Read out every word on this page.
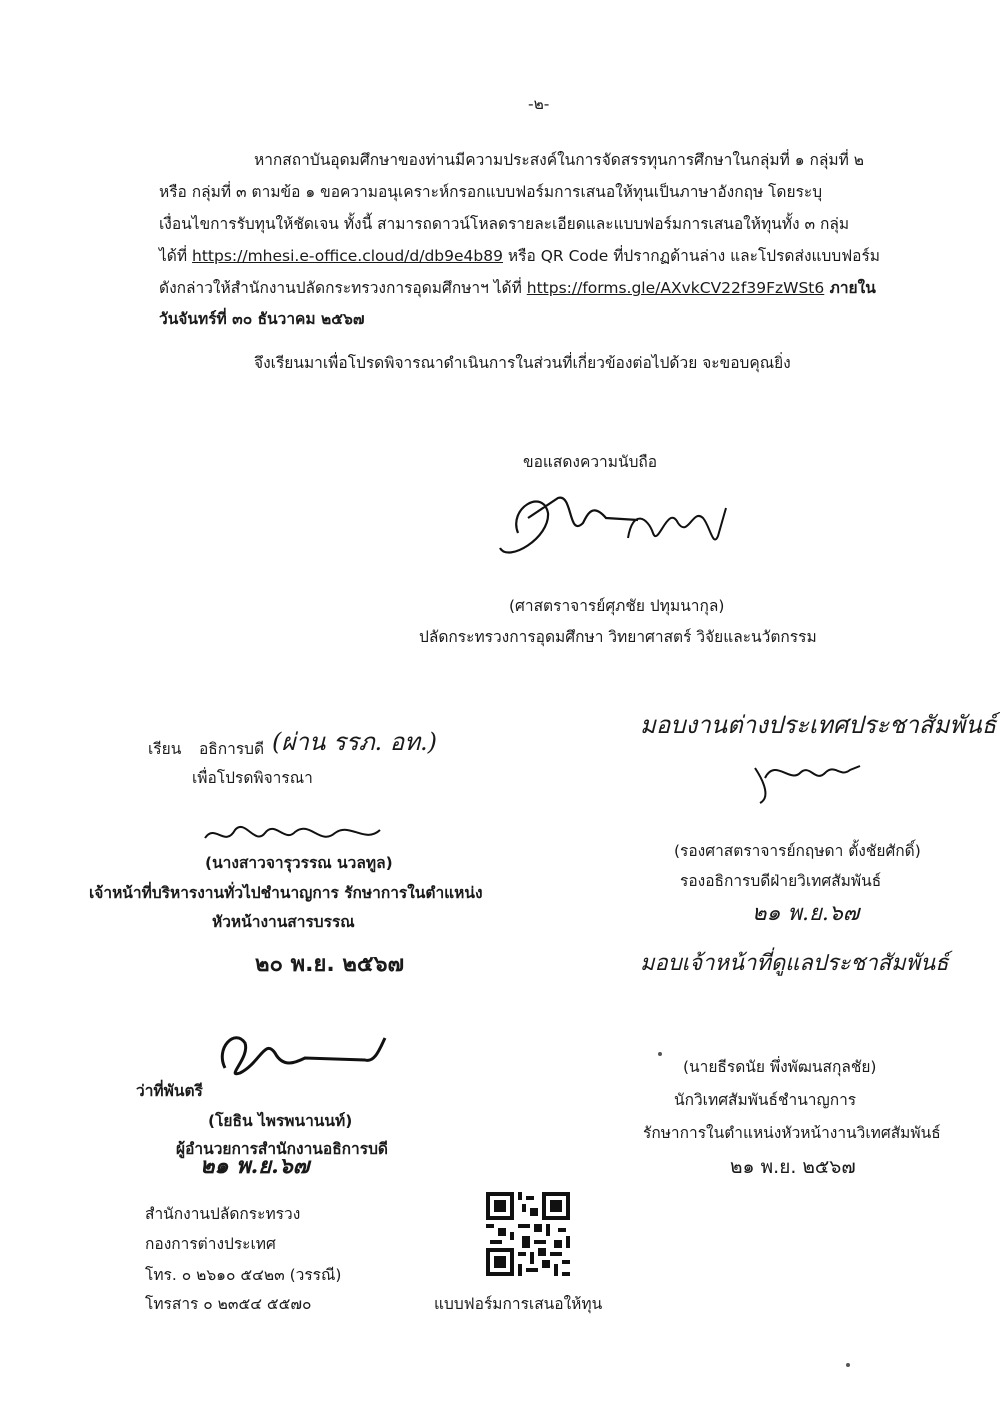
-๒-
หากสถาบันอุดมศึกษาของท่านมีความประสงค์ในการจัดสรรทุนการศึกษาในกลุ่มที่ ๑ กลุ่มที่ ๒
หรือ กลุ่มที่ ๓ ตามข้อ ๑ ขอความอนุเคราะห์กรอกแบบฟอร์มการเสนอให้ทุนเป็นภาษาอังกฤษ โดยระบุ
เงื่อนไขการรับทุนให้ชัดเจน ทั้งนี้ สามารถดาวน์โหลดรายละเอียดและแบบฟอร์มการเสนอให้ทุนทั้ง ๓ กลุ่ม
ได้ที่ https://mhesi.e-office.cloud/d/db9e4b89 หรือ QR Code ที่ปรากฏด้านล่าง และโปรดส่งแบบฟอร์ม
ดังกล่าวให้สำนักงานปลัดกระทรวงการอุดมศึกษาฯ ได้ที่ https://forms.gle/AXvkCV22f39FzWSt6 ภายใน
วันจันทร์ที่ ๓๐ ธันวาคม ๒๕๖๗
จึงเรียนมาเพื่อโปรดพิจารณาดำเนินการในส่วนที่เกี่ยวข้องต่อไปด้วย จะขอบคุณยิ่ง
ขอแสดงความนับถือ
(ศาสตราจารย์ศุภชัย ปทุมนากุล)
ปลัดกระทรวงการอุดมศึกษา วิทยาศาสตร์ วิจัยและนวัตกรรม
เรียน อธิการบดี (ผ่าน รรภ. อท.)
เพื่อโปรดพิจารณา
(นางสาวจารุวรรณ นวลทูล)
เจ้าหน้าที่บริหารงานทั่วไปชำนาญการ รักษาการในตำแหน่ง
หัวหน้างานสารบรรณ
๒๐ พ.ย. ๒๕๖๗
ว่าที่พันตรี
(โยธิน ไพรพนานนท์)
ผู้อำนวยการสำนักงานอธิการบดี
๒๑ พ.ย.๖๗
มอบงานต่างประเทศประชาสัมพันธ์
(รองศาสตราจารย์กฤษดา ตั้งชัยศักดิ์)
รองอธิการบดีฝ่ายวิเทศสัมพันธ์
๒๑ พ.ย.๖๗
มอบเจ้าหน้าที่ดูแลประชาสัมพันธ์
(นายธีรดนัย พึ่งพัฒนสกุลชัย)
นักวิเทศสัมพันธ์ชำนาญการ
รักษาการในตำแหน่งหัวหน้างานวิเทศสัมพันธ์
๒๑ พ.ย. ๒๕๖๗
สำนักงานปลัดกระทรวง
กองการต่างประเทศ
โทร. ๐ ๒๖๑๐ ๕๔๒๓ (วรรณี)
โทรสาร ๐ ๒๓๕๔ ๕๕๗๐	แบบฟอร์มการเสนอให้ทุน
